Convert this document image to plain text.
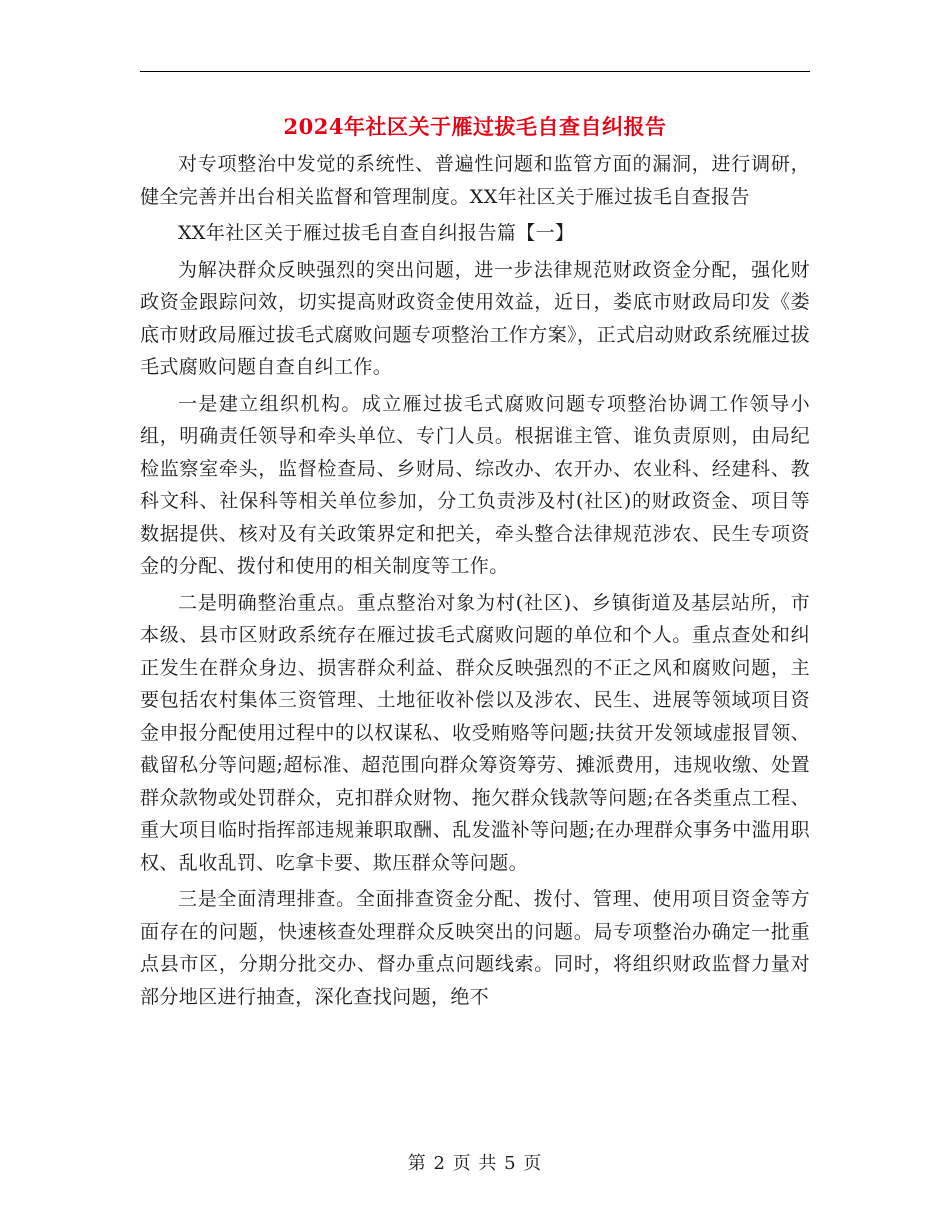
2024年社区关于雁过拔毛自查自纠报告

对专项整治中发觉的系统性、普遍性问题和监管方面的漏洞，进行调研，健全完善并出台相关监督和管理制度。XX年社区关于雁过拔毛自查报告

XX年社区关于雁过拔毛自查自纠报告篇【一】

为解决群众反映强烈的突出问题，进一步法律规范财政资金分配，强化财政资金跟踪问效，切实提高财政资金使用效益，近日，娄底市财政局印发《娄底市财政局雁过拔毛式腐败问题专项整治工作方案》，正式启动财政系统雁过拔毛式腐败问题自查自纠工作。

一是建立组织机构。成立雁过拔毛式腐败问题专项整治协调工作领导小组，明确责任领导和牵头单位、专门人员。根据谁主管、谁负责原则，由局纪检监察室牵头，监督检查局、乡财局、综改办、农开办、农业科、经建科、教科文科、社保科等相关单位参加，分工负责涉及村(社区)的财政资金、项目等数据提供、核对及有关政策界定和把关，牵头整合法律规范涉农、民生专项资金的分配、拨付和使用的相关制度等工作。

二是明确整治重点。重点整治对象为村(社区)、乡镇街道及基层站所，市本级、县市区财政系统存在雁过拔毛式腐败问题的单位和个人。重点查处和纠正发生在群众身边、损害群众利益、群众反映强烈的不正之风和腐败问题，主要包括农村集体三资管理、土地征收补偿以及涉农、民生、进展等领域项目资金申报分配使用过程中的以权谋私、收受贿赂等问题;扶贫开发领域虚报冒领、截留私分等问题;超标准、超范围向群众筹资筹劳、摊派费用，违规收缴、处置群众款物或处罚群众，克扣群众财物、拖欠群众钱款等问题;在各类重点工程、重大项目临时指挥部违规兼职取酬、乱发滥补等问题;在办理群众事务中滥用职权、乱收乱罚、吃拿卡要、欺压群众等问题。

三是全面清理排查。全面排查资金分配、拨付、管理、使用项目资金等方面存在的问题，快速核查处理群众反映突出的问题。局专项整治办确定一批重点县市区，分期分批交办、督办重点问题线索。同时，将组织财政监督力量对部分地区进行抽查，深化查找问题，绝不

第 2 页 共 5 页
